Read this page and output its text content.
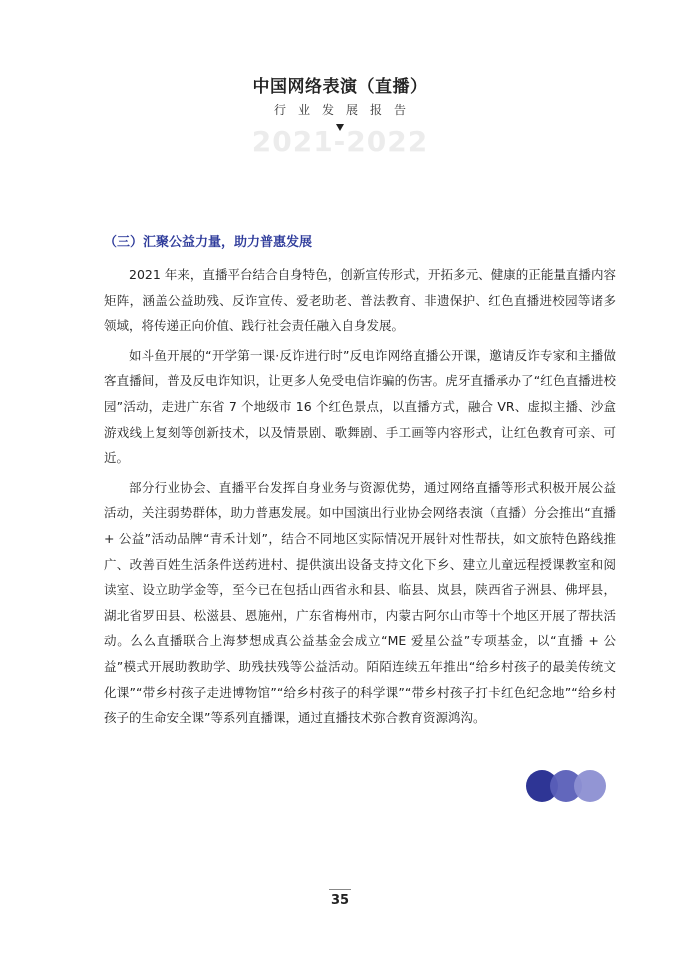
中国网络表演（直播）
行业发展报告
2021-2022
（三）汇聚公益力量，助力普惠发展

2021 年来，直播平台结合自身特色，创新宣传形式，开拓多元、健康的正能量直播内容矩阵，涵盖公益助残、反诈宣传、爱老助老、普法教育、非遗保护、红色直播进校园等诸多领域，将传递正向价值、践行社会责任融入自身发展。

如斗鱼开展的“开学第一课·反诈进行时”反电诈网络直播公开课，邀请反诈专家和主播做客直播间，普及反电诈知识，让更多人免受电信诈骗的伤害。虎牙直播承办了“红色直播进校园”活动，走进广东省 7 个地级市 16 个红色景点，以直播方式，融合 VR、虚拟主播、沙盒游戏线上复刻等创新技术，以及情景剧、歌舞剧、手工画等内容形式，让红色教育可亲、可近。

部分行业协会、直播平台发挥自身业务与资源优势，通过网络直播等形式积极开展公益活动，关注弱势群体，助力普惠发展。如中国演出行业协会网络表演（直播）分会推出“直播 + 公益”活动品牌“青禾计划”，结合不同地区实际情况开展针对性帮扶，如文旅特色路线推广、改善百姓生活条件送药进村、提供演出设备支持文化下乡、建立儿童远程授课教室和阅读室、设立助学金等，至今已在包括山西省永和县、临县、岚县，陕西省子洲县、佛坪县，湖北省罗田县、松滋县、恩施州，广东省梅州市，内蒙古阿尔山市等十个地区开展了帮扶活动。么么直播联合上海梦想成真公益基金会成立“ME 爱星公益”专项基金，以“直播 + 公益”模式开展助教助学、助残扶残等公益活动。陌陌连续五年推出“给乡村孩子的最美传统文化课”“带乡村孩子走进博物馆”“给乡村孩子的科学课”“带乡村孩子打卡红色纪念地”“给乡村孩子的生命安全课”等系列直播课，通过直播技术弥合教育资源鸿沟。

35
